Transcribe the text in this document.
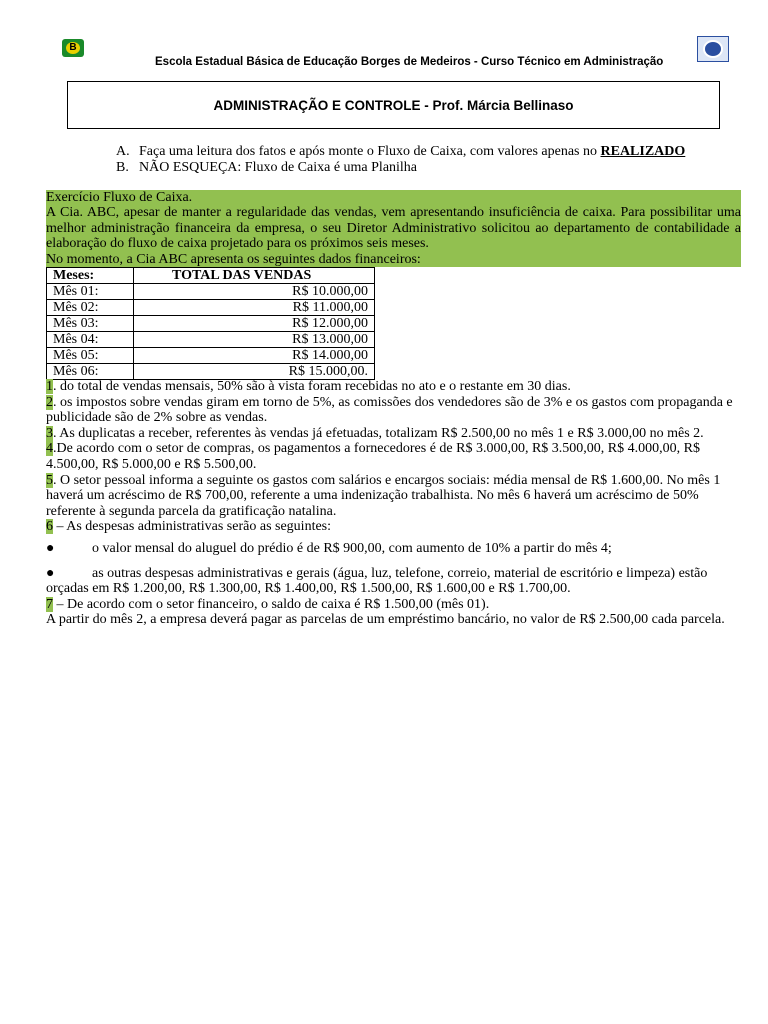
B
Escola Estadual Básica de Educação Borges de Medeiros - Curso Técnico em Administração
ADMINISTRAÇÃO E CONTROLE - Prof. Márcia Bellinaso
A. Faça uma leitura dos fatos e após monte o Fluxo de Caixa, com valores apenas no REALIZADO
B. NÃO ESQUEÇA: Fluxo de Caixa é uma Planilha

Exercício Fluxo de Caixa.

A Cia. ABC, apesar de manter a regularidade das vendas, vem apresentando insuficiência de caixa. Para possibilitar uma melhor administração financeira da empresa, o seu Diretor Administrativo solicitou ao departamento de contabilidade a elaboração do fluxo de caixa projetado para os próximos seis meses.

No momento, a Cia ABC apresenta os seguintes dados financeiros:

Meses:	TOTAL DAS VENDAS
Mês 01:	R$ 10.000,00
Mês 02:	R$ 11.000,00
Mês 03:	R$ 12.000,00
Mês 04:	R$ 13.000,00
Mês 05:	R$ 14.000,00
Mês 06:	R$ 15.000,00.

1. do total de vendas mensais, 50% são à vista foram recebidas no ato e o restante em 30 dias.

2. os impostos sobre vendas giram em torno de 5%, as comissões dos vendedores são de 3% e os gastos com propaganda e publicidade são de 2% sobre as vendas.

3. As duplicatas a receber, referentes às vendas já efetuadas, totalizam R$ 2.500,00 no mês 1 e R$ 3.000,00 no mês 2.

4.De acordo com o setor de compras, os pagamentos a fornecedores é de R$ 3.000,00, R$ 3.500,00, R$ 4.000,00, R$ 4.500,00, R$ 5.000,00 e R$ 5.500,00.

5. O setor pessoal informa a seguinte os gastos com salários e encargos sociais: média mensal de R$ 1.600,00. No mês 1 haverá um acréscimo de R$ 700,00, referente a uma indenização trabalhista. No mês 6 haverá um acréscimo de 50% referente à segunda parcela da gratificação natalina.

6 – As despesas administrativas serão as seguintes:

●	o valor mensal do aluguel do prédio é de R$ 900,00, com aumento de 10% a partir do mês 4;

●	as outras despesas administrativas e gerais (água, luz, telefone, correio, material de escritório e limpeza) estão orçadas em R$ 1.200,00, R$ 1.300,00, R$ 1.400,00, R$ 1.500,00, R$ 1.600,00 e R$ 1.700,00.

7 – De acordo com o setor financeiro, o saldo de caixa é R$ 1.500,00 (mês 01).

A partir do mês 2, a empresa deverá pagar as parcelas de um empréstimo bancário, no valor de R$ 2.500,00 cada parcela.
